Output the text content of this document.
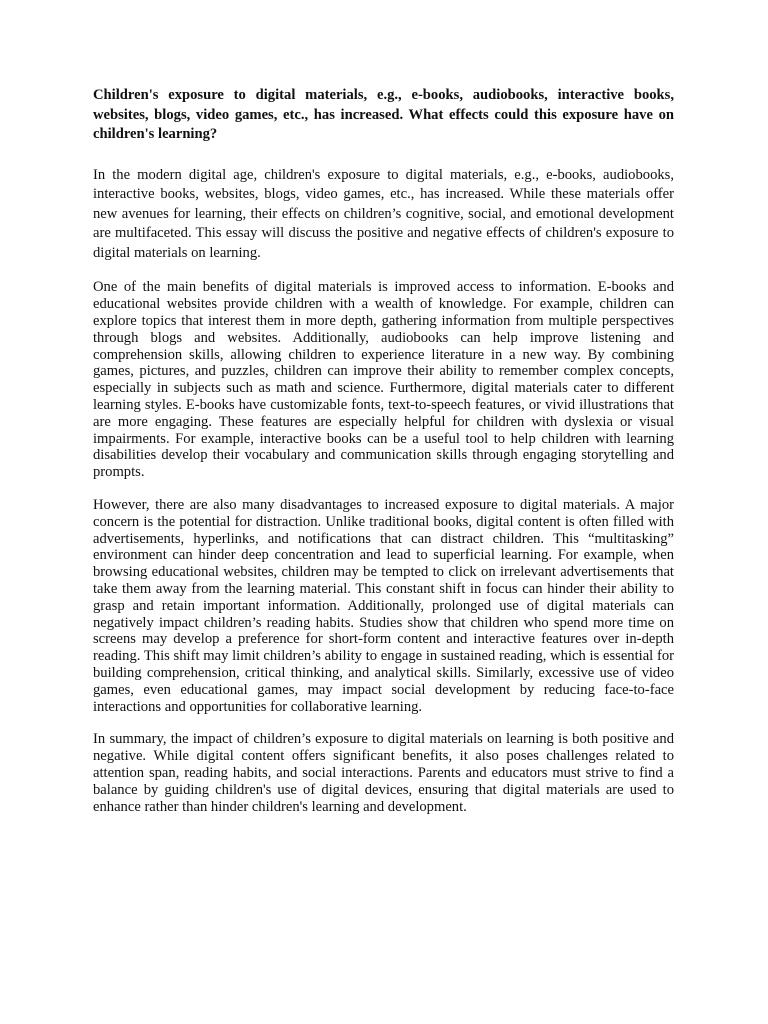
Children's exposure to digital materials, e.g., e-books, audiobooks, interactive books, websites, blogs, video games, etc., has increased. What effects could this exposure have on children's learning?

In the modern digital age, children's exposure to digital materials, e.g., e-books, audiobooks, interactive books, websites, blogs, video games, etc., has increased. While these materials offer new avenues for learning, their effects on children’s cognitive, social, and emotional development are multifaceted. This essay will discuss the positive and negative effects of children's exposure to digital materials on learning.

One of the main benefits of digital materials is improved access to information. E-books and educational websites provide children with a wealth of knowledge. For example, children can explore topics that interest them in more depth, gathering information from multiple perspectives through blogs and websites. Additionally, audiobooks can help improve listening and comprehension skills, allowing children to experience literature in a new way. By combining games, pictures, and puzzles, children can improve their ability to remember complex concepts, especially in subjects such as math and science. Furthermore, digital materials cater to different learning styles. E-books have customizable fonts, text-to-speech features, or vivid illustrations that are more engaging. These features are especially helpful for children with dyslexia or visual impairments. For example, interactive books can be a useful tool to help children with learning disabilities develop their vocabulary and communication skills through engaging storytelling and prompts.

However, there are also many disadvantages to increased exposure to digital materials. A major concern is the potential for distraction. Unlike traditional books, digital content is often filled with advertisements, hyperlinks, and notifications that can distract children. This “multitasking” environment can hinder deep concentration and lead to superficial learning. For example, when browsing educational websites, children may be tempted to click on irrelevant advertisements that take them away from the learning material. This constant shift in focus can hinder their ability to grasp and retain important information. Additionally, prolonged use of digital materials can negatively impact children’s reading habits. Studies show that children who spend more time on screens may develop a preference for short-form content and interactive features over in-depth reading. This shift may limit children’s ability to engage in sustained reading, which is essential for building comprehension, critical thinking, and analytical skills. Similarly, excessive use of video games, even educational games, may impact social development by reducing face-to-face interactions and opportunities for collaborative learning.

In summary, the impact of children’s exposure to digital materials on learning is both positive and negative. While digital content offers significant benefits, it also poses challenges related to attention span, reading habits, and social interactions. Parents and educators must strive to find a balance by guiding children's use of digital devices, ensuring that digital materials are used to enhance rather than hinder children's learning and development.
